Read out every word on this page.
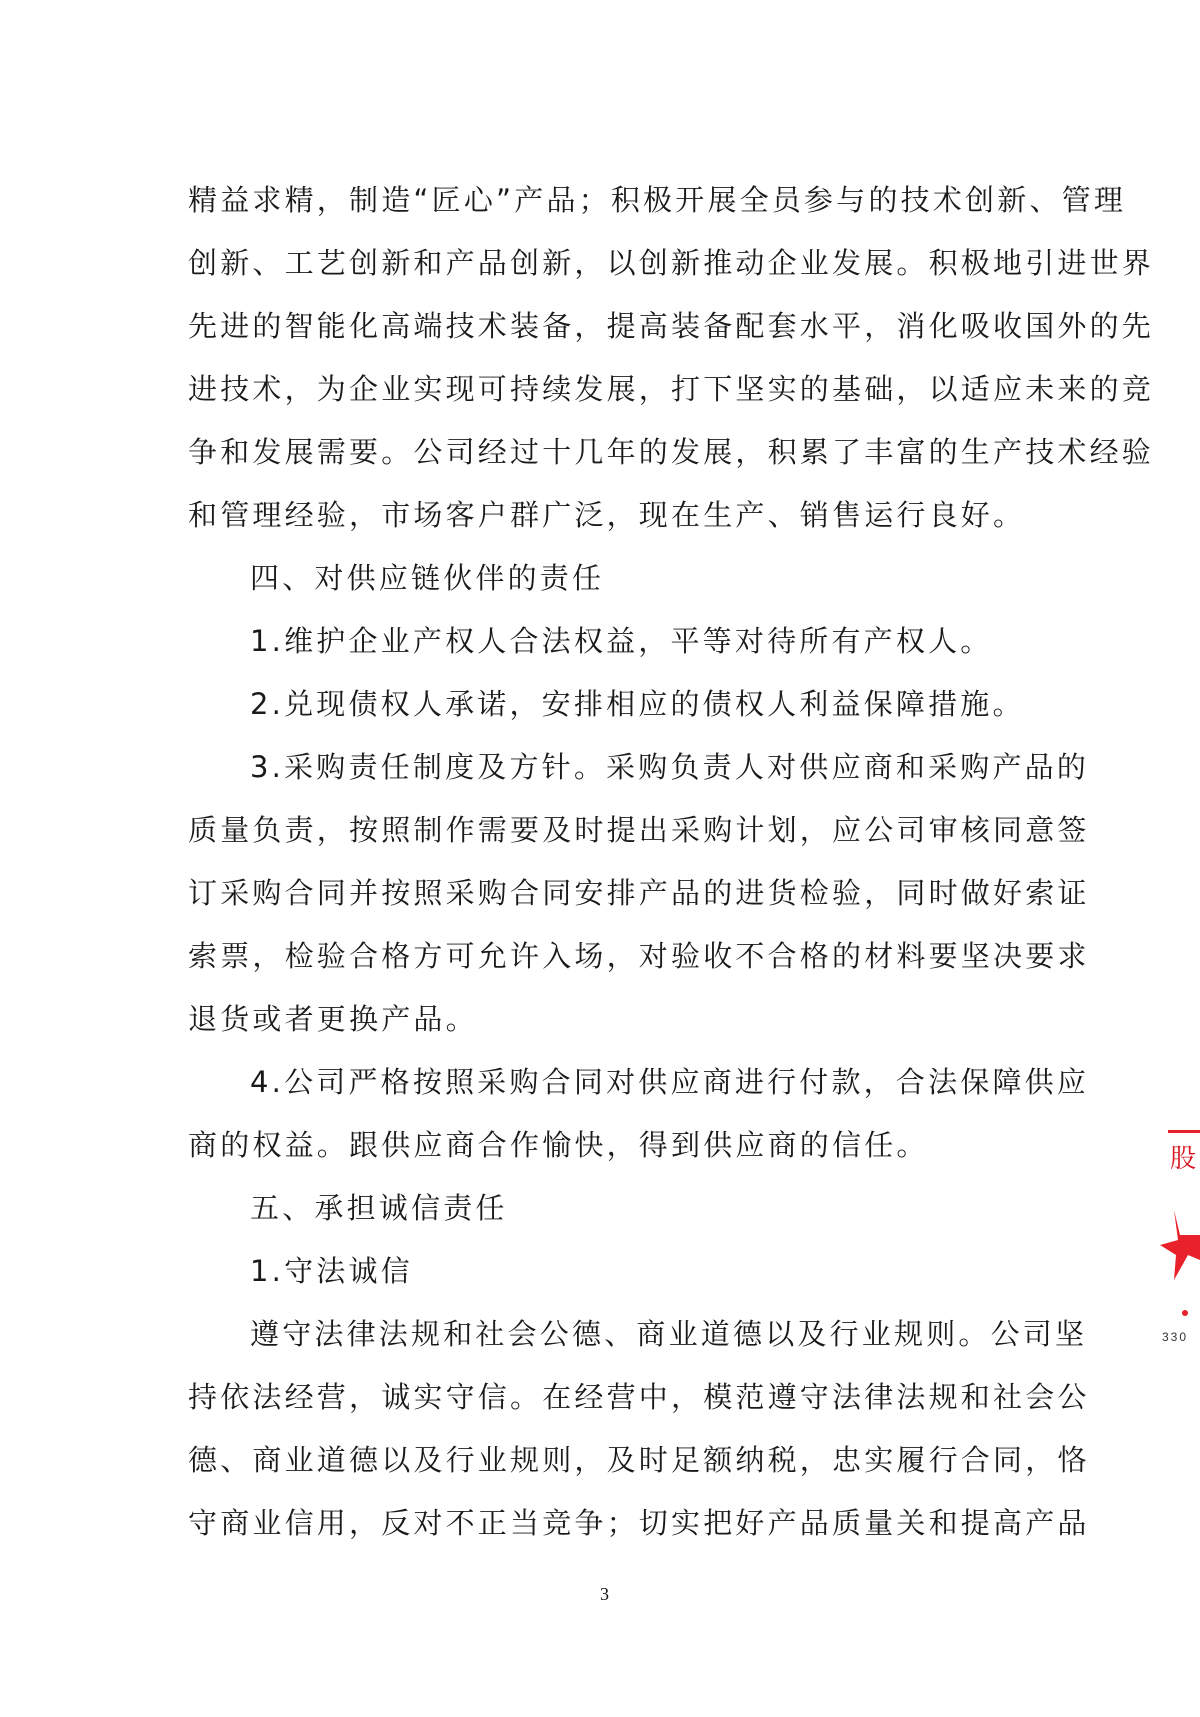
精益求精，制造“匠心”产品；积极开展全员参与的技术创新、管理
创新、工艺创新和产品创新，以创新推动企业发展。积极地引进世界
先进的智能化高端技术装备，提高装备配套水平，消化吸收国外的先
进技术，为企业实现可持续发展，打下坚实的基础，以适应未来的竞
争和发展需要。公司经过十几年的发展，积累了丰富的生产技术经验
和管理经验，市场客户群广泛，现在生产、销售运行良好。
四、对供应链伙伴的责任
1.维护企业产权人合法权益，平等对待所有产权人。
2.兑现债权人承诺，安排相应的债权人利益保障措施。
3.采购责任制度及方针。采购负责人对供应商和采购产品的
质量负责，按照制作需要及时提出采购计划，应公司审核同意签
订采购合同并按照采购合同安排产品的进货检验，同时做好索证
索票，检验合格方可允许入场，对验收不合格的材料要坚决要求
退货或者更换产品。
4.公司严格按照采购合同对供应商进行付款，合法保障供应
商的权益。跟供应商合作愉快，得到供应商的信任。
五、承担诚信责任
1.守法诚信
遵守法律法规和社会公德、商业道德以及行业规则。公司坚
持依法经营，诚实守信。在经营中，模范遵守法律法规和社会公
德、商业道德以及行业规则，及时足额纳税，忠实履行合同，恪
守商业信用，反对不正当竞争；切实把好产品质量关和提高产品
3
股
330
